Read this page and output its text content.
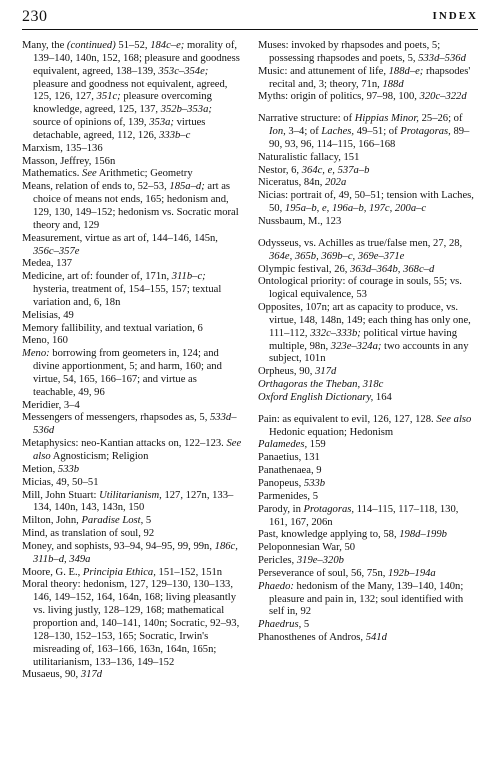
230	INDEX

Many, the (continued) 51–52, 184c–e; morality of, 139–140, 140n, 152, 168; pleasure and goodness equivalent, agreed, 138–139, 353c–354e; pleasure and goodness not equivalent, agreed, 125, 126, 127, 351c; pleasure overcoming knowledge, agreed, 125, 137, 352b–353a; source of opinions of, 139, 353a; virtues detachable, agreed, 112, 126, 333b–c

Marxism, 135–136

Masson, Jeffrey, 156n

Mathematics. See Arithmetic; Geometry

Means, relation of ends to, 52–53, 185a–d; art as choice of means not ends, 165; hedonism and, 129, 130, 149–152; hedonism vs. Socratic moral theory and, 129

Measurement, virtue as art of, 144–146, 145n, 356c–357e

Medea, 137

Medicine, art of: founder of, 171n, 311b–c; hysteria, treatment of, 154–155, 157; textual variation and, 6, 18n

Melisias, 49

Memory fallibility, and textual variation, 6

Meno, 160

Meno: borrowing from geometers in, 124; and divine apportionment, 5; and harm, 160; and virtue, 54, 165, 166–167; and virtue as teachable, 49, 96

Meridier, 3–4

Messengers of messengers, rhapsodes as, 5, 533d–536d

Metaphysics: neo-Kantian attacks on, 122–123. See also Agnosticism; Religion

Metion, 533b

Micias, 49, 50–51

Mill, John Stuart: Utilitarianism, 127, 127n, 133–134, 140n, 143, 143n, 150

Milton, John, Paradise Lost, 5

Mind, as translation of soul, 92

Money, and sophists, 93–94, 94–95, 99, 99n, 186c, 311b–d, 349a

Moore, G. E., Principia Ethica, 151–152, 151n

Moral theory: hedonism, 127, 129–130, 130–133, 146, 149–152, 164, 164n, 168; living pleasantly vs. living justly, 128–129, 168; mathematical proportion and, 140–141, 140n; Socratic, 92–93, 128–130, 152–153, 165; Socratic, Irwin's misreading of, 163–166, 163n, 164n, 165n; utilitarianism, 133–136, 149–152

Musaeus, 90, 317d

Muses: invoked by rhapsodes and poets, 5; possessing rhapsodes and poets, 5, 533d–536d

Music: and attunement of life, 188d–e; rhapsodes' recital and, 3; theory, 71n, 188d

Myths: origin of politics, 97–98, 100, 320c–322d

Narrative structure: of Hippias Minor, 25–26; of Ion, 3–4; of Laches, 49–51; of Protagoras, 89–90, 93, 96, 114–115, 166–168

Naturalistic fallacy, 151

Nestor, 6, 364c, e, 537a–b

Niceratus, 84n, 202a

Nicias: portrait of, 49, 50–51; tension with Laches, 50, 195a–b, e, 196a–b, 197c, 200a–c

Nussbaum, M., 123

Odysseus, vs. Achilles as true/false men, 27, 28, 364e, 365b, 369b–c, 369e–371e

Olympic festival, 26, 363d–364b, 368c–d

Ontological priority: of courage in souls, 55; vs. logical equivalence, 53

Opposites, 107n; art as capacity to produce, vs. virtue, 148, 148n, 149; each thing has only one, 111–112, 332c–333b; political virtue having multiple, 98n, 323e–324a; two accounts in any subject, 101n

Orpheus, 90, 317d

Orthagoras the Theban, 318c

Oxford English Dictionary, 164

Pain: as equivalent to evil, 126, 127, 128. See also Hedonic equation; Hedonism

Palamedes, 159

Panaetius, 131

Panathenaea, 9

Panopeus, 533b

Parmenides, 5

Parody, in Protagoras, 114–115, 117–118, 130, 161, 167, 206n

Past, knowledge applying to, 58, 198d–199b

Peloponnesian War, 50

Pericles, 319e–320b

Perseverance of soul, 56, 75n, 192b–194a

Phaedo: hedonism of the Many, 139–140, 140n; pleasure and pain in, 132; soul identified with self in, 92

Phaedrus, 5

Phanosthenes of Andros, 541d
